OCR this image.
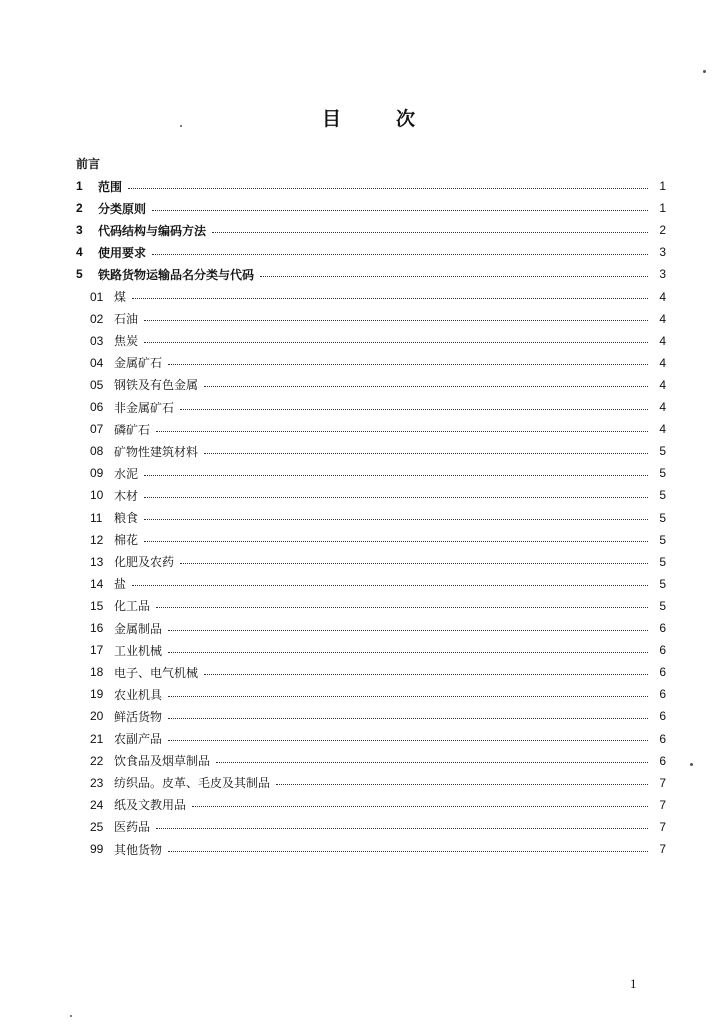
目	次
前言
1	范围	1
2	分类原则	1
3	代码结构与编码方法	2
4	使用要求	3
5	铁路货物运输品名分类与代码	3
01 煤	4
02 石油	4
03 焦炭	4
04 金属矿石	4
05 钢铁及有色金属	4
06 非金属矿石	4
07 磷矿石	4
08 矿物性建筑材料	5
09 水泥	5
10 木材	5
11 粮食	5
12 棉花	5
13 化肥及农药	5
14 盐	5
15 化工品	5
16 金属制品	6
17 工业机械	6
18 电子、电气机械	6
19 农业机具	6
20 鲜活货物	6
21 农副产品	6
22 饮食品及烟草制品	6
23 纺织品。皮革、毛皮及其制品	7
24 纸及文教用品	7
25 医药品	7
99 其他货物	7
1
